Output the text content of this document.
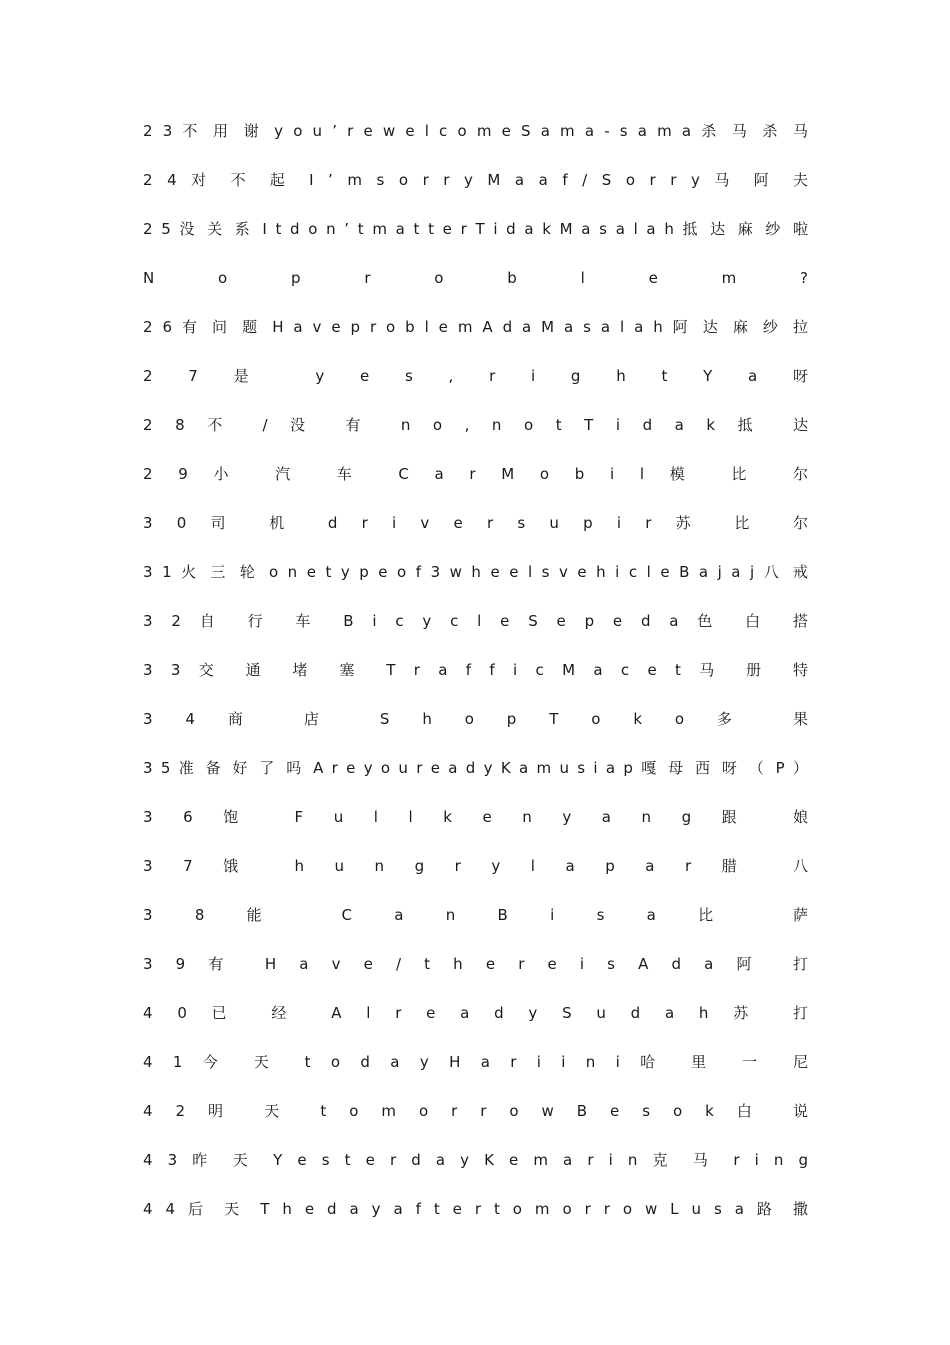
2 3 不 用 谢 y o u ’ r e w e l c o m e S a m a - s a m a 杀 马 杀 马
2 4 对 不 起 I ’ m s o r r y M a a f / S o r r y 马 阿 夫
2 5 没 关 系 I t d o n ’ t m a t t e r T i d a k M a s a l a h 抵 达 麻 纱 啦
N o p r o b l e m ?
2 6 有 问 题 H a v e p r o b l e m A d a M a s a l a h 阿 达 麻 纱 拉
2 7 是 y e s , r i g h t Y a 呀
2 8 不 / 没 有 n o , n o t T i d a k 抵 达
2 9 小 汽 车 C a r M o b i l 模 比 尔
3 0 司 机 d r i v e r s u p i r 苏 比 尔
3 1 火 三 轮 o n e t y p e o f 3 w h e e l s v e h i c l e B a j a j 八 戒
3 2 自 行 车 B i c y c l e S e p e d a 色 白 搭
3 3 交 通 堵 塞 T r a f f i c M a c e t 马 册 特
3 4 商 店 S h o p T o k o 多 果
3 5 准 备 好 了 吗 A r e y o u r e a d y K a m u s i a p 嘎 母 西 呀 （ P ）
3 6 饱 F u l l k e n y a n g 跟 娘
3 7 饿 h u n g r y l a p a r 腊 八
3 8 能 C a n B i s a 比 萨
3 9 有 H a v e / t h e r e i s A d a 阿 打
4 0 已 经 A l r e a d y S u d a h 苏 打
4 1 今 天 t o d a y H a r i i n i 哈 里 一 尼
4 2 明 天 t o m o r r o w B e s o k 白 说
4 3 昨 天 Y e s t e r d a y K e m a r i n 克 马 r i n g
4 4 后 天 T h e d a y a f t e r t o m o r r o w L u s a 路 撒
